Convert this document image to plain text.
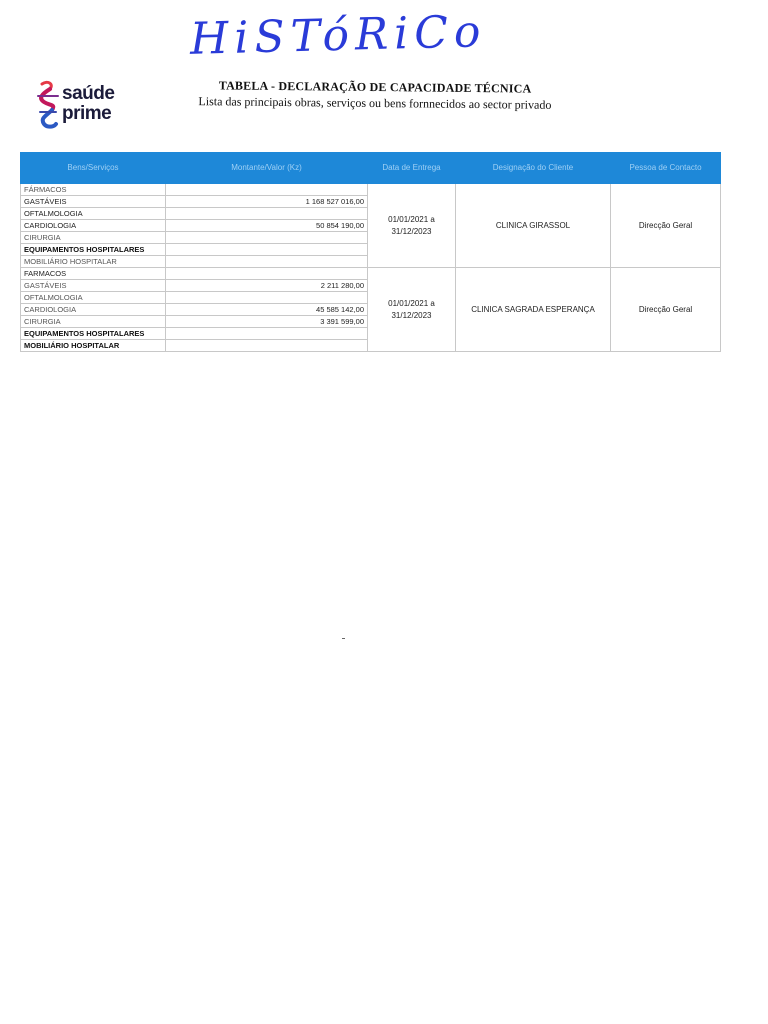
HiSTóRiCo
saúde
prime
TABELA - DECLARAÇÃO DE CAPACIDADE TÉCNICA
Lista das principais obras, serviços ou bens fornnecidos ao sector privado
Bens/Serviços	Montante/Valor (Kz)	Data de Entrega	Designação do Cliente	Pessoa de Contacto
FÁRMACOS		01/01/2021 a 31/12/2023	CLINICA GIRASSOL	Direcção Geral
GASTÁVEIS	1 168 527 016,00			
OFTALMOLOGIA				
CARDIOLOGIA	50 854 190,00			
CIRURGIA				
EQUIPAMENTOS HOSPITALARES				
MOBILIÁRIO HOSPITALAR				
FARMACOS		01/01/2021 a 31/12/2023	CLINICA SAGRADA ESPERANÇA	Direcção Geral
GASTÁVEIS	2 211 280,00			
OFTALMOLOGIA				
CARDIOLOGIA	45 585 142,00			
CIRURGIA	3 391 599,00			
EQUIPAMENTOS HOSPITALARES				
MOBILIÁRIO HOSPITALAR				
